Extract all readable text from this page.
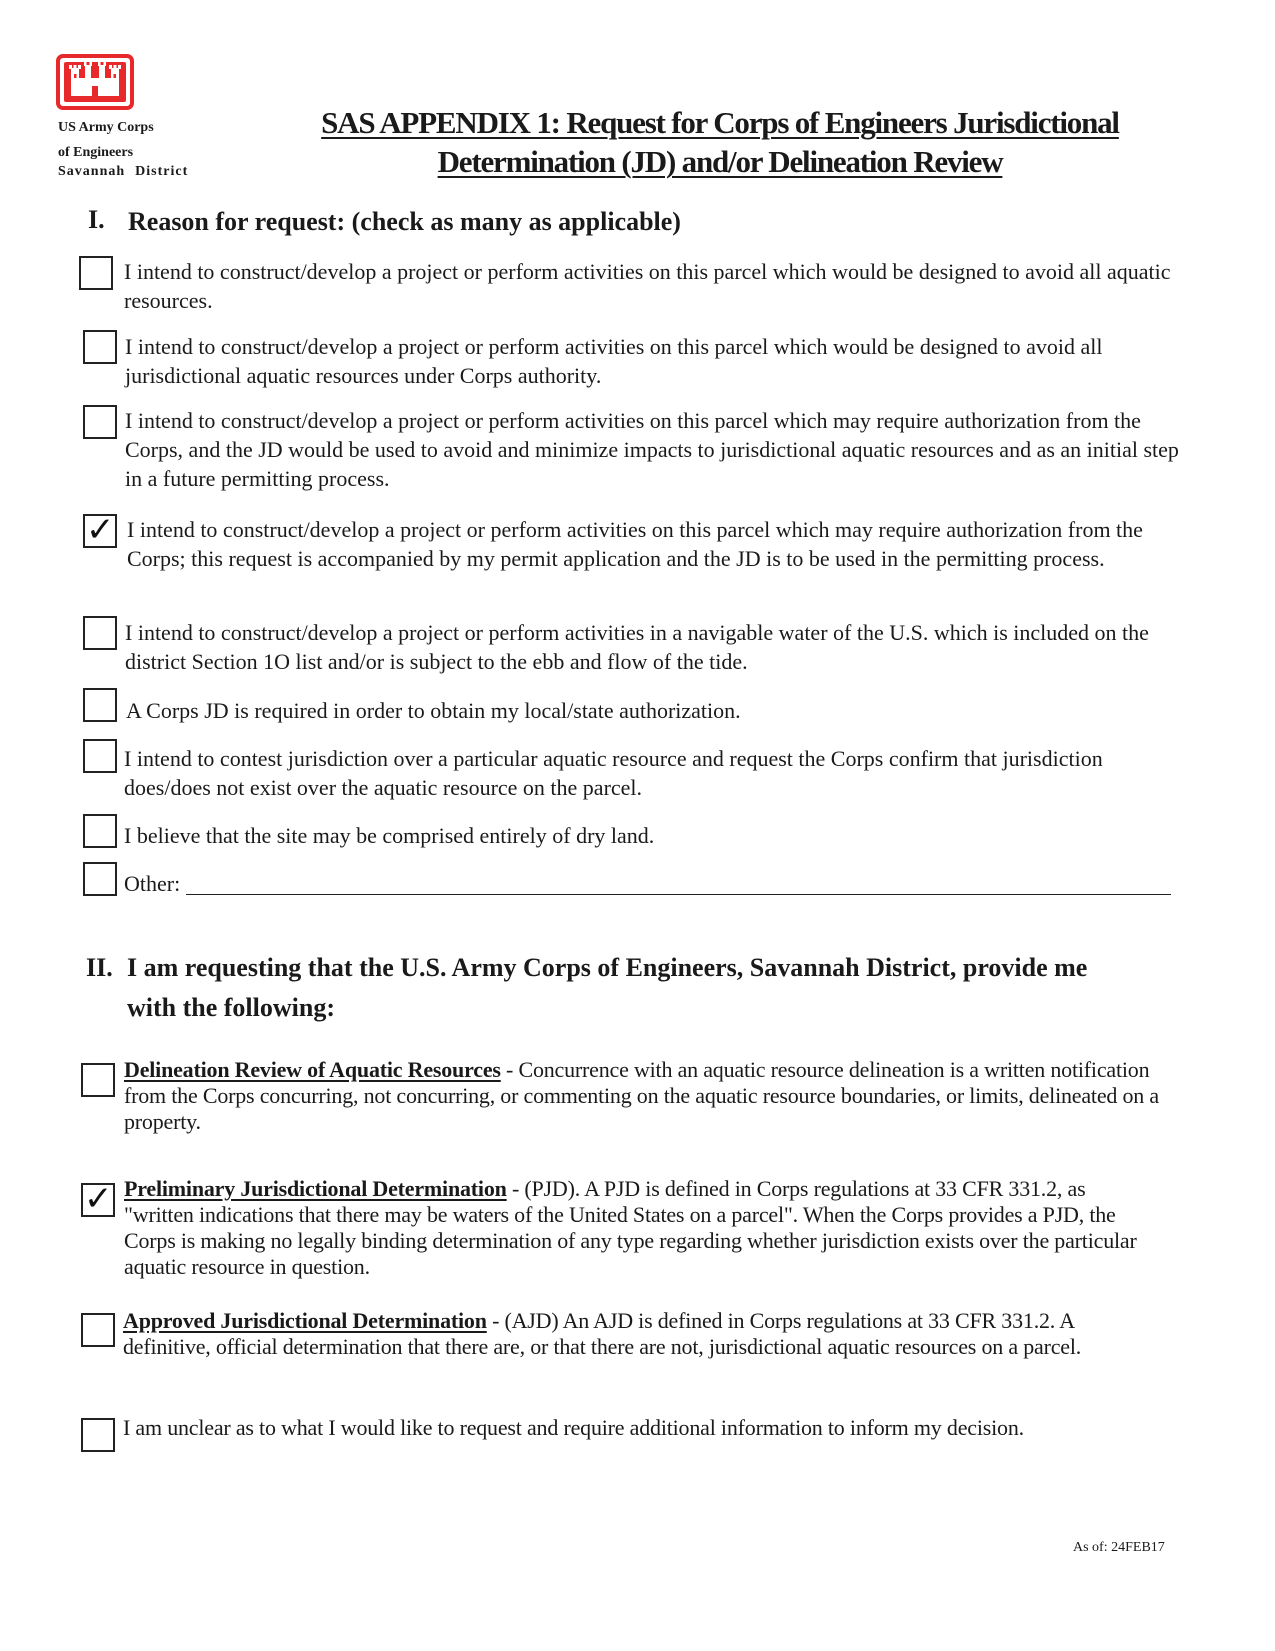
US Army Corps
of Engineers
Savannah District
SAS APPENDIX 1: Request for Corps of Engineers Jurisdictional
Determination (JD) and/or Delineation Review
I. Reason for request: (check as many as applicable)
I intend to construct/develop a project or perform activities on this parcel which would be designed to avoid all aquatic resources.
I intend to construct/develop a project or perform activities on this parcel which would be designed to avoid all jurisdictional aquatic resources under Corps authority.
I intend to construct/develop a project or perform activities on this parcel which may require authorization from the Corps, and the JD would be used to avoid and minimize impacts to jurisdictional aquatic resources and as an initial step in a future permitting process.
✓ I intend to construct/develop a project or perform activities on this parcel which may require authorization from the Corps; this request is accompanied by my permit application and the JD is to be used in the permitting process.
I intend to construct/develop a project or perform activities in a navigable water of the U.S. which is included on the district Section 1O list and/or is subject to the ebb and flow of the tide.
A Corps JD is required in order to obtain my local/state authorization.
I intend to contest jurisdiction over a particular aquatic resource and request the Corps confirm that jurisdiction does/does not exist over the aquatic resource on the parcel.
I believe that the site may be comprised entirely of dry land.
Other:
II. I am requesting that the U.S. Army Corps of Engineers, Savannah District, provide me
with the following:
Delineation Review of Aquatic Resources - Concurrence with an aquatic resource delineation is a written notification from the Corps concurring, not concurring, or commenting on the aquatic resource boundaries, or limits, delineated on a property.
✓ Preliminary Jurisdictional Determination - (PJD). A PJD is defined in Corps regulations at 33 CFR 331.2, as "written indications that there may be waters of the United States on a parcel". When the Corps provides a PJD, the Corps is making no legally binding determination of any type regarding whether jurisdiction exists over the particular aquatic resource in question.
Approved Jurisdictional Determination - (AJD) An AJD is defined in Corps regulations at 33 CFR 331.2. A definitive, official determination that there are, or that there are not, jurisdictional aquatic resources on a parcel.
I am unclear as to what I would like to request and require additional information to inform my decision.
As of: 24FEB17
